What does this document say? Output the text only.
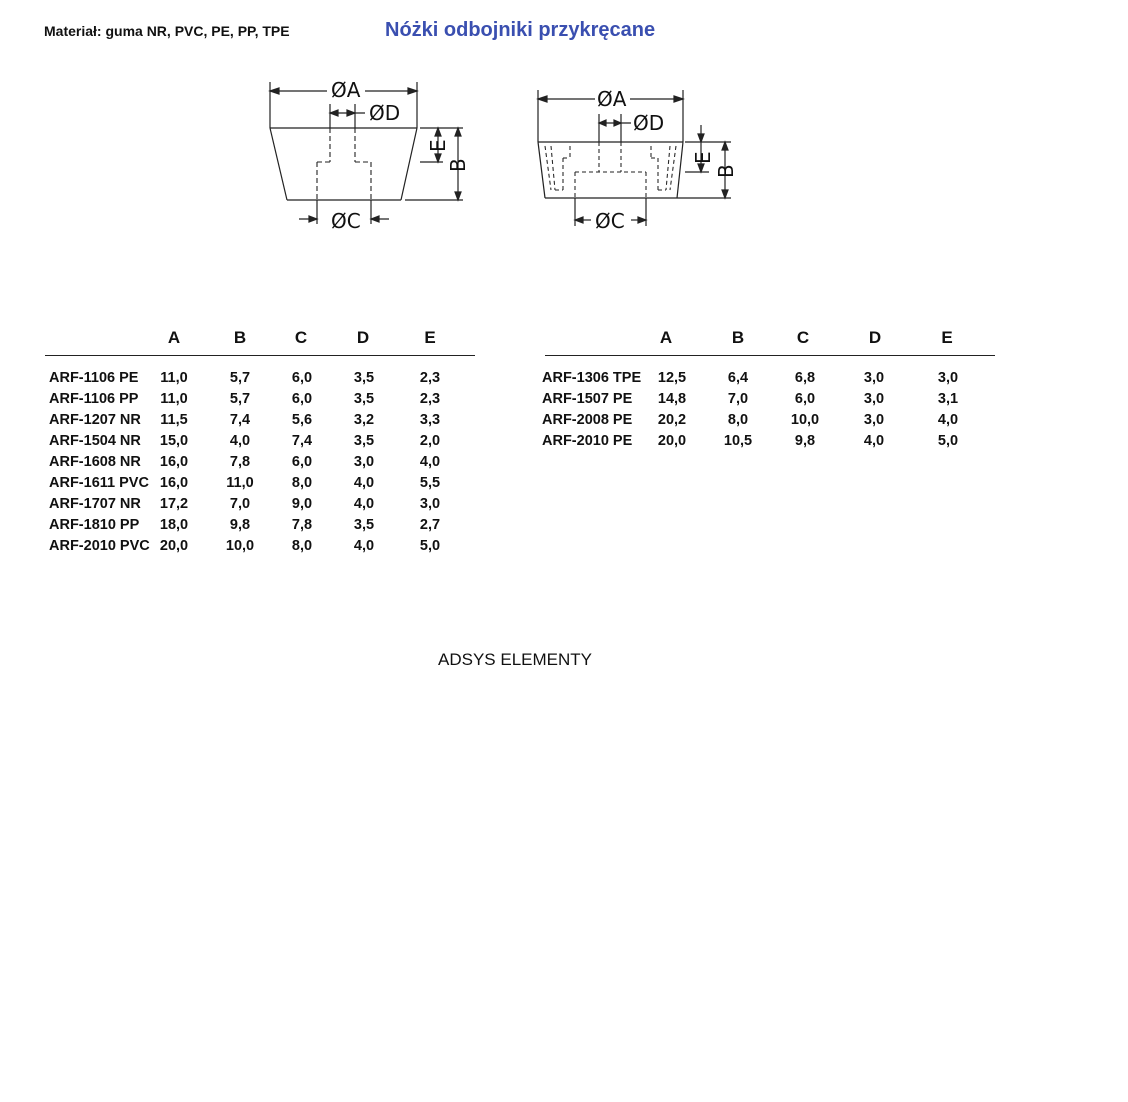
Materiał: guma NR, PVC, PE, PP, TPE	Nóżki odbojniki przykręcane
ØA
ØD
ØC
E
B
ØA
ØD
ØC
E
B
A	B	C	D	E
ARF-1106 PE	11,0	5,7	6,0	3,5	2,3
ARF-1106 PP	11,0	5,7	6,0	3,5	2,3
ARF-1207 NR	11,5	7,4	5,6	3,2	3,3
ARF-1504 NR	15,0	4,0	7,4	3,5	2,0
ARF-1608 NR	16,0	7,8	6,0	3,0	4,0
ARF-1611 PVC 16,0	11,0	8,0	4,0	5,5
ARF-1707 NR	17,2	7,0	9,0	4,0	3,0
ARF-1810 PP	18,0	9,8	7,8	3,5	2,7
ARF-2010 PVC 20,0	10,0	8,0	4,0	5,0
A	B	C	D	E
ARF-1306 TPE	12,5	6,4	6,8	3,0	3,0
ARF-1507 PE	14,8	7,0	6,0	3,0	3,1
ARF-2008 PE	20,2	8,0	10,0	3,0	4,0
ARF-2010 PE	20,0	10,5	9,8	4,0	5,0
ADSYS ELEMENTY
